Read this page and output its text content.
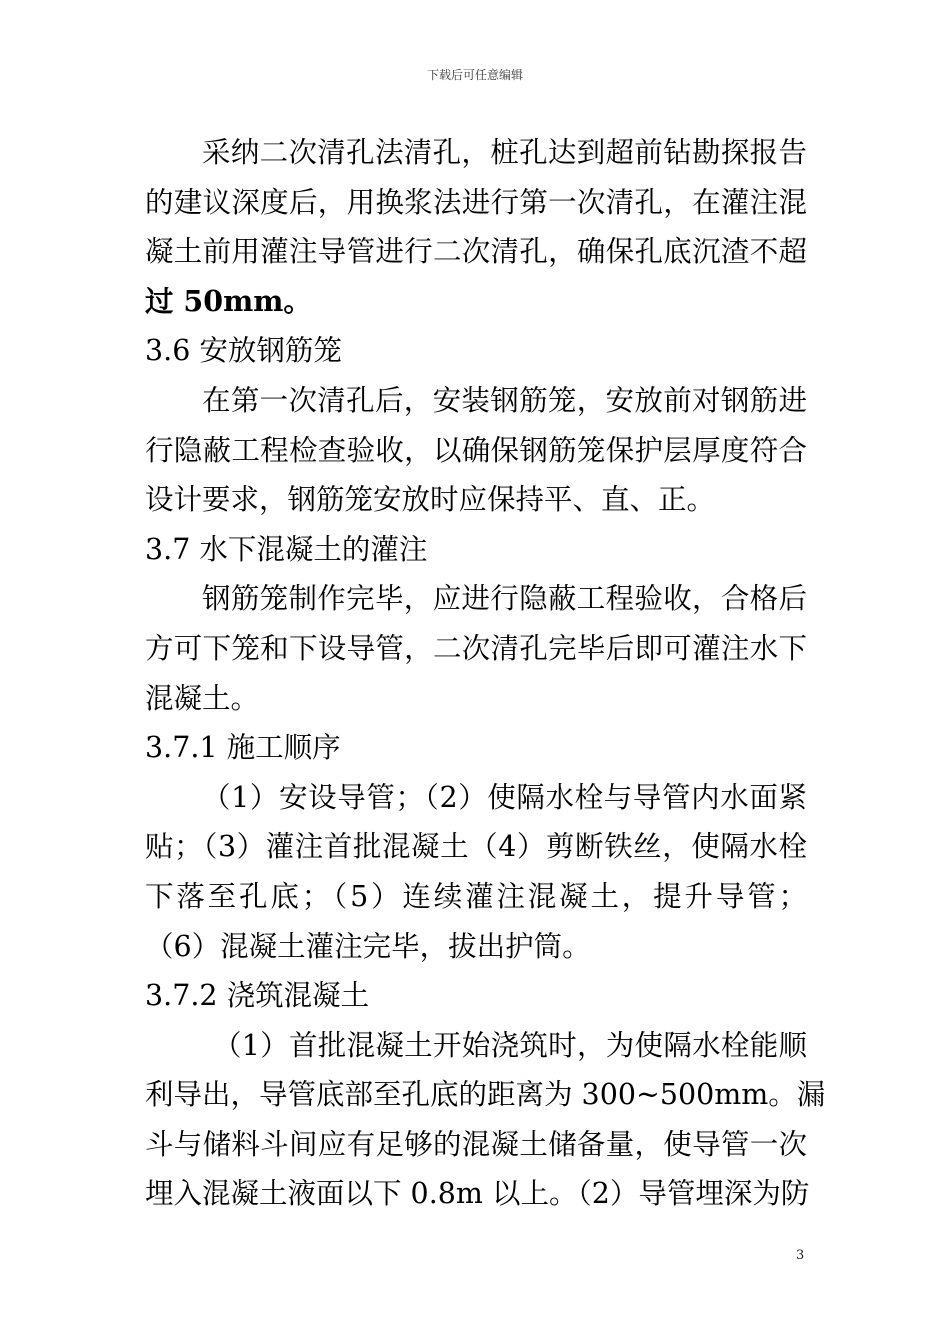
下载后可任意编辑
采纳二次清孔法清孔，桩孔达到超前钻勘探报告
的建议深度后，用换浆法进行第一次清孔，在灌注混
凝土前用灌注导管进行二次清孔，确保孔底沉渣不超
过 50mm。
3.6 安放钢筋笼
在第一次清孔后，安装钢筋笼，安放前对钢筋进
行隐蔽工程检查验收，以确保钢筋笼保护层厚度符合
设计要求，钢筋笼安放时应保持平、直、正。
3.7 水下混凝土的灌注
钢筋笼制作完毕，应进行隐蔽工程验收，合格后
方可下笼和下设导管，二次清孔完毕后即可灌注水下
混凝土。
3.7.1 施工顺序
（1）安设导管；（2）使隔水栓与导管内水面紧
贴；（3）灌注首批混凝土（4）剪断铁丝，使隔水栓
下落至孔底；（5）连续灌注混凝土，提升导管；
（6）混凝土灌注完毕，拔出护筒。
3.7.2 浇筑混凝土
（1）首批混凝土开始浇筑时，为使隔水栓能顺
利导出，导管底部至孔底的距离为 300~500mm。漏
斗与储料斗间应有足够的混凝土储备量，使导管一次
埋入混凝土液面以下 0.8m 以上。（2）导管埋深为防
3
